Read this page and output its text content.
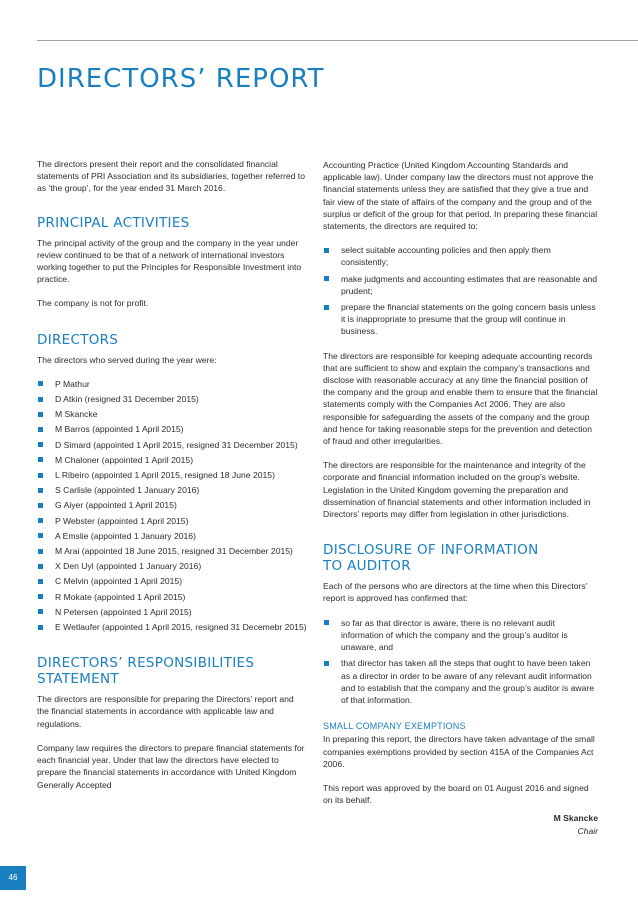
DIRECTORS’ REPORT

The directors present their report and the consolidated financial statements of PRI Association and its subsidiaries, together referred to as ‘the group’, for the year ended 31 March 2016.

PRINCIPAL ACTIVITIES

The principal activity of the group and the company in the year under review continued to be that of a network of international investors working together to put the Principles for Responsible Investment into practice.

The company is not for profit.

DIRECTORS

The directors who served during the year were:

P Mathur
D Atkin (resigned 31 December 2015)
M Skancke
M Barros (appointed 1 April 2015)
D Simard (appointed 1 April 2015, resigned 31 December 2015)
M Chaloner (appointed 1 April 2015)
L Ribeiro (appointed 1 April 2015, resigned 18 June 2015)
S Carlisle (appointed 1 January 2016)
G Aiyer (appointed 1 April 2015)
P Webster (appointed 1 April 2015)
A Emslie (appointed 1 January 2016)
M Arai (appointed 18 June 2015, resigned 31 December 2015)
X Den Uyl (appointed 1 January 2016)
C Melvin (appointed 1 April 2015)
R Mokate (appointed 1 April 2015)
N Petersen (appointed 1 April 2015)
E Wetlaufer (appointed 1 April 2015, resigned 31 Decemebr 2015)
DIRECTORS’ RESPONSIBILITIES STATEMENT

The directors are responsible for preparing the Directors’ report and the financial statements in accordance with applicable law and regulations.

Company law requires the directors to prepare financial statements for each financial year. Under that law the directors have elected to prepare the financial statements in accordance with United Kingdom Generally Accepted

Accounting Practice (United Kingdom Accounting Standards and applicable law). Under company law the directors must not approve the financial statements unless they are satisfied that they give a true and fair view of the state of affairs of the company and the group and of the surplus or deficit of the group for that period. In preparing these financial statements, the directors are required to:

select suitable accounting policies and then apply them consistently;
make judgments and accounting estimates that are reasonable and prudent;
prepare the financial statements on the going concern basis unless it is inappropriate to presume that the group will continue in business.

The directors are responsible for keeping adequate accounting records that are sufficient to show and explain the company’s transactions and disclose with reasonable accuracy at any time the financial position of the company and the group and enable them to ensure that the financial statements comply with the Companies Act 2006. They are also responsible for safeguarding the assets of the company and the group and hence for taking reasonable steps for the prevention and detection of fraud and other irregularities.

The directors are responsible for the maintenance and integrity of the corporate and financial information included on the group’s website. Legislation in the United Kingdom governing the preparation and dissemination of financial statements and other information included in Directors’ reports may differ from legislation in other jurisdictions.

DISCLOSURE OF INFORMATION
TO AUDITOR

Each of the persons who are directors at the time when this Directors’ report is approved has confirmed that:

so far as that director is aware, there is no relevant audit information of which the company and the group’s auditor is unaware, and
that director has taken all the steps that ought to have been taken as a director in order to be aware of any relevant audit information and to establish that the company and the group’s auditor is aware of that information.
SMALL COMPANY EXEMPTIONS

In preparing this report, the directors have taken advantage of the small companies exemptions provided by section 415A of the Companies Act 2006.

This report was approved by the board on 01 August 2016 and signed on its behalf.

M Skancke
Chair
46
